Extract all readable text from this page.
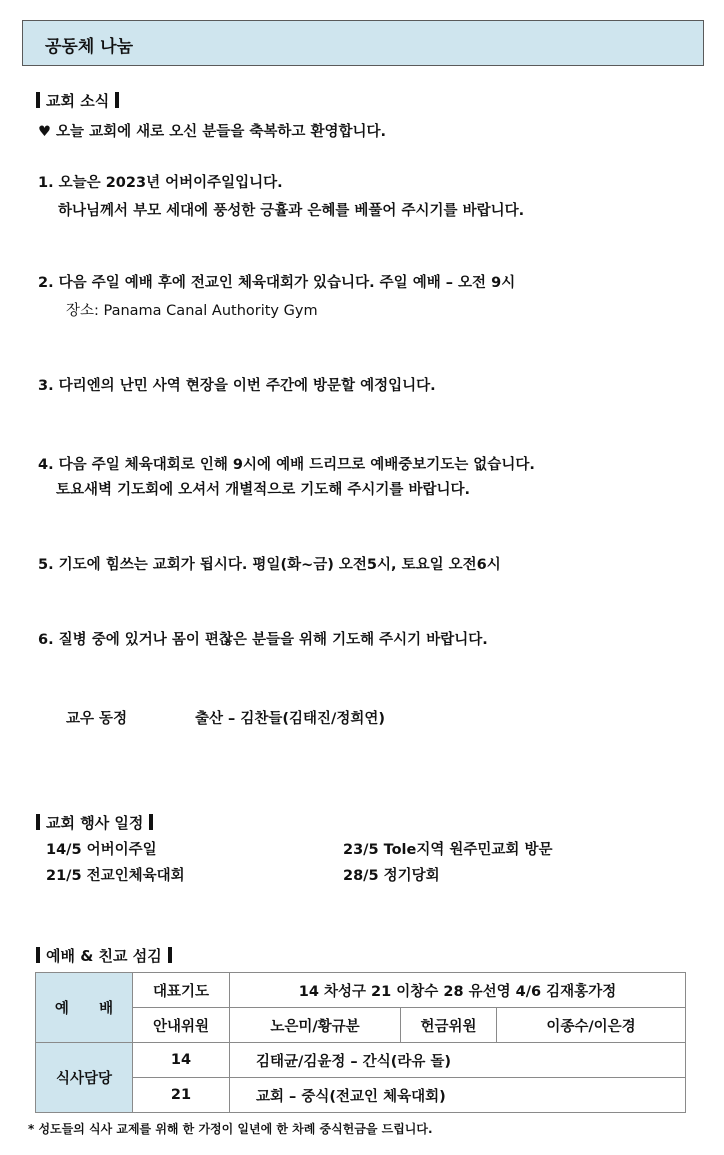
공동체 나눔
교회 소식
♥ 오늘 교회에 새로 오신 분들을 축복하고 환영합니다.
1. 오늘은 2023년 어버이주일입니다.
하나님께서 부모 세대에 풍성한 긍휼과 은혜를 베풀어 주시기를 바랍니다.
2. 다음 주일 예배 후에 전교인 체육대회가 있습니다. 주일 예배 – 오전 9시
장소: Panama Canal Authority Gym
3. 다리엔의 난민 사역 현장을 이번 주간에 방문할 예정입니다.
4. 다음 주일 체육대회로 인해 9시에 예배 드리므로 예배중보기도는 없습니다.
토요새벽 기도회에 오셔서 개별적으로 기도해 주시기를 바랍니다.
5. 기도에 힘쓰는 교회가 됩시다. 평일(화~금) 오전5시, 토요일 오전6시
6. 질병 중에 있거나 몸이 편찮은 분들을 위해 기도해 주시기 바랍니다.
교우 동정	출산 – 김찬들(김태진/정희연)
교회 행사 일정
14/5 어버이주일	23/5 Tole지역 원주민교회 방문
21/5 전교인체육대회	28/5 정기당회
예배 & 친교 섬김
예      배	대표기도	14 차성구 21 이창수 28 유선영 4/6 김재홍가정		
	안내위원	노은미/황규분	헌금위원	이종수/이은경
식사담당	14	김태균/김윤정 – 간식(라유 돌)		
	21	교회 – 중식(전교인 체육대회)		
* 성도들의 식사 교제를 위해 한 가정이 일년에 한 차례 중식헌금을 드립니다.
